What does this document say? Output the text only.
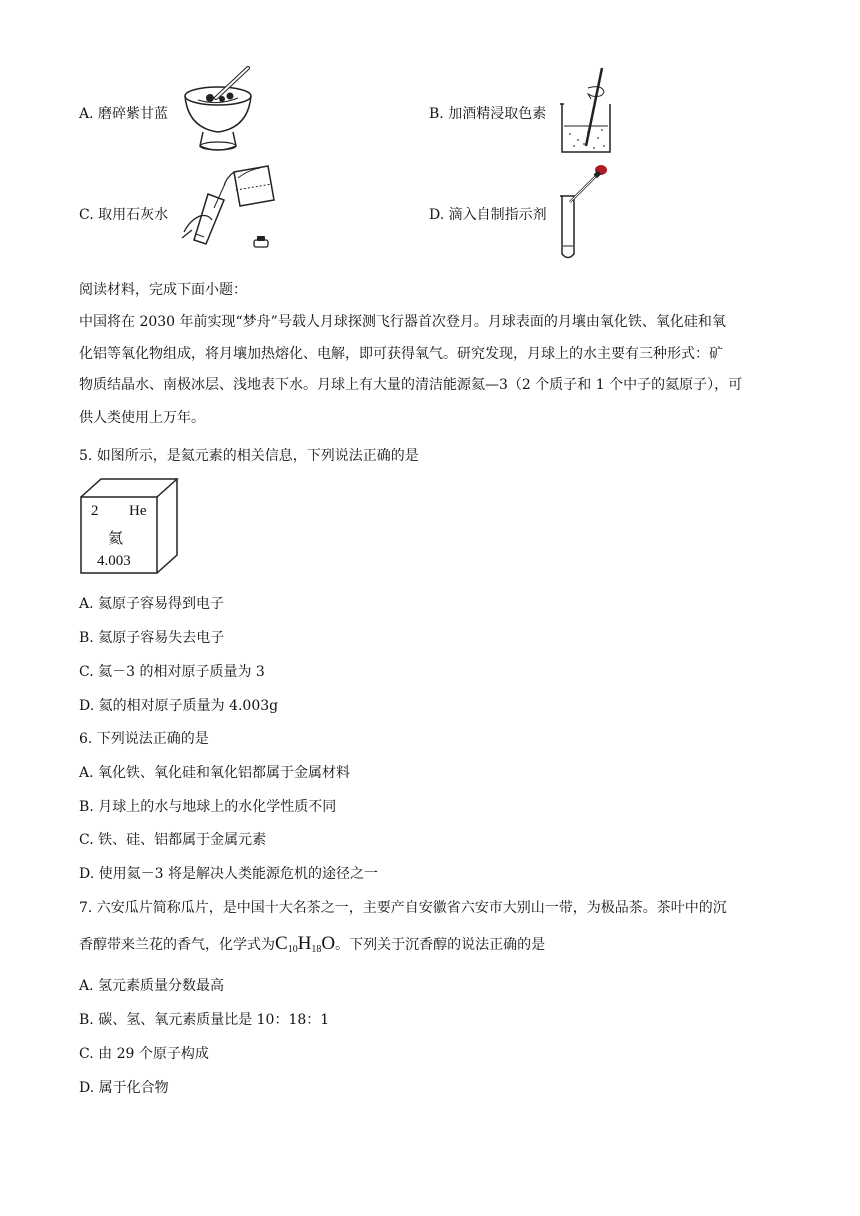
A. 磨碎紫甘蓝	B. 加酒精浸取色素
C. 取用石灰水	D. 滴入自制指示剂
阅读材料，完成下面小题：
中国将在 2030 年前实现“梦舟”号载人月球探测飞行器首次登月。月球表面的月壤由氧化铁、氧化硅和氧
化铝等氧化物组成，将月壤加热熔化、电解，即可获得氧气。研究发现，月球上的水主要有三种形式：矿
物质结晶水、南极冰层、浅地表下水。月球上有大量的清洁能源氦—3（2 个质子和 1 个中子的氦原子），可
供人类使用上万年。
5. 如图所示，是氦元素的相关信息，下列说法正确的是
2 He
氦
4.003
A. 氦原子容易得到电子
B. 氦原子容易失去电子
C. 氦－3 的相对原子质量为 3
D. 氦的相对原子质量为 4.003g
6. 下列说法正确的是
A. 氧化铁、氧化硅和氧化铝都属于金属材料
B. 月球上的水与地球上的水化学性质不同
C. 铁、硅、铝都属于金属元素
D. 使用氦－3 将是解决人类能源危机的途径之一
7. 六安瓜片简称瓜片，是中国十大名茶之一，主要产自安徽省六安市大别山一带，为极品茶。茶叶中的沉
香醇带来兰花的香气，化学式为$C_{10}H_{18}O$。下列关于沉香醇的说法正确的是
A. 氢元素质量分数最高
B. 碳、氢、氧元素质量比是 10：18：1
C. 由 29 个原子构成
D. 属于化合物
